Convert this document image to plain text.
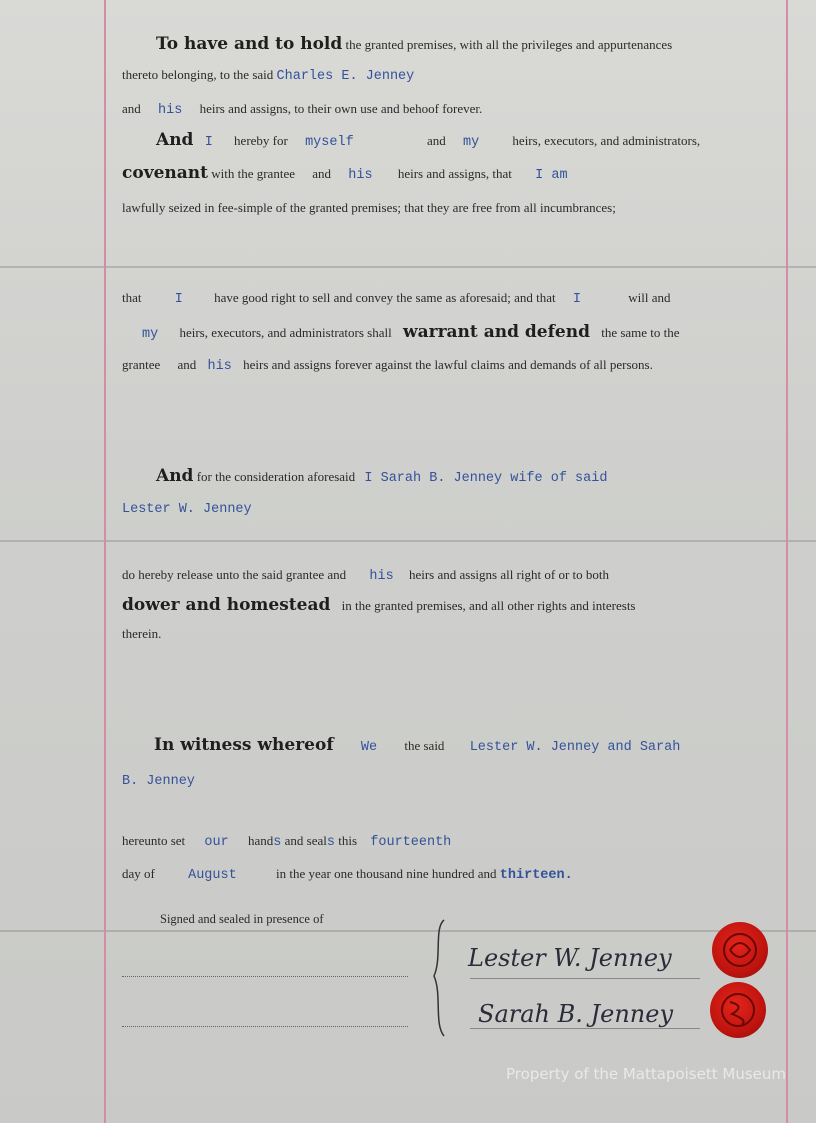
To have and to hold the granted premises, with all the privileges and appurtenances
thereto belonging, to the said Charles E. Jenney
and his heirs and assigns, to their own use and behoof forever.
And I hereby for myself	and my	heirs, executors, and administrators,
covenant with the grantee and his heirs and assigns, that I am
lawfully seized in fee-simple of the granted premises; that they are free from all incumbrances;
that I have good right to sell and convey the same as aforesaid; and that I	will and
my heirs, executors, and administrators shall warrant and defend the same to the
grantee and his heirs and assigns forever against the lawful claims and demands of all persons.
And for the consideration aforesaid I Sarah B. Jenney wife of said
Lester W. Jenney
do hereby release unto the said grantee and his heirs and assigns all right of or to both
dower and homestead in the granted premises, and all other rights and interests
therein.
In witness whereof We the said Lester W. Jenney and Sarah
B. Jenney
hereunto set our hands and seals this fourteenth
day of August	in the year one thousand nine hundred and thirteen.
Signed and sealed in presence of
Lester W. Jenney
Sarah B. Jenney
Property of the Mattapoisett Museum
